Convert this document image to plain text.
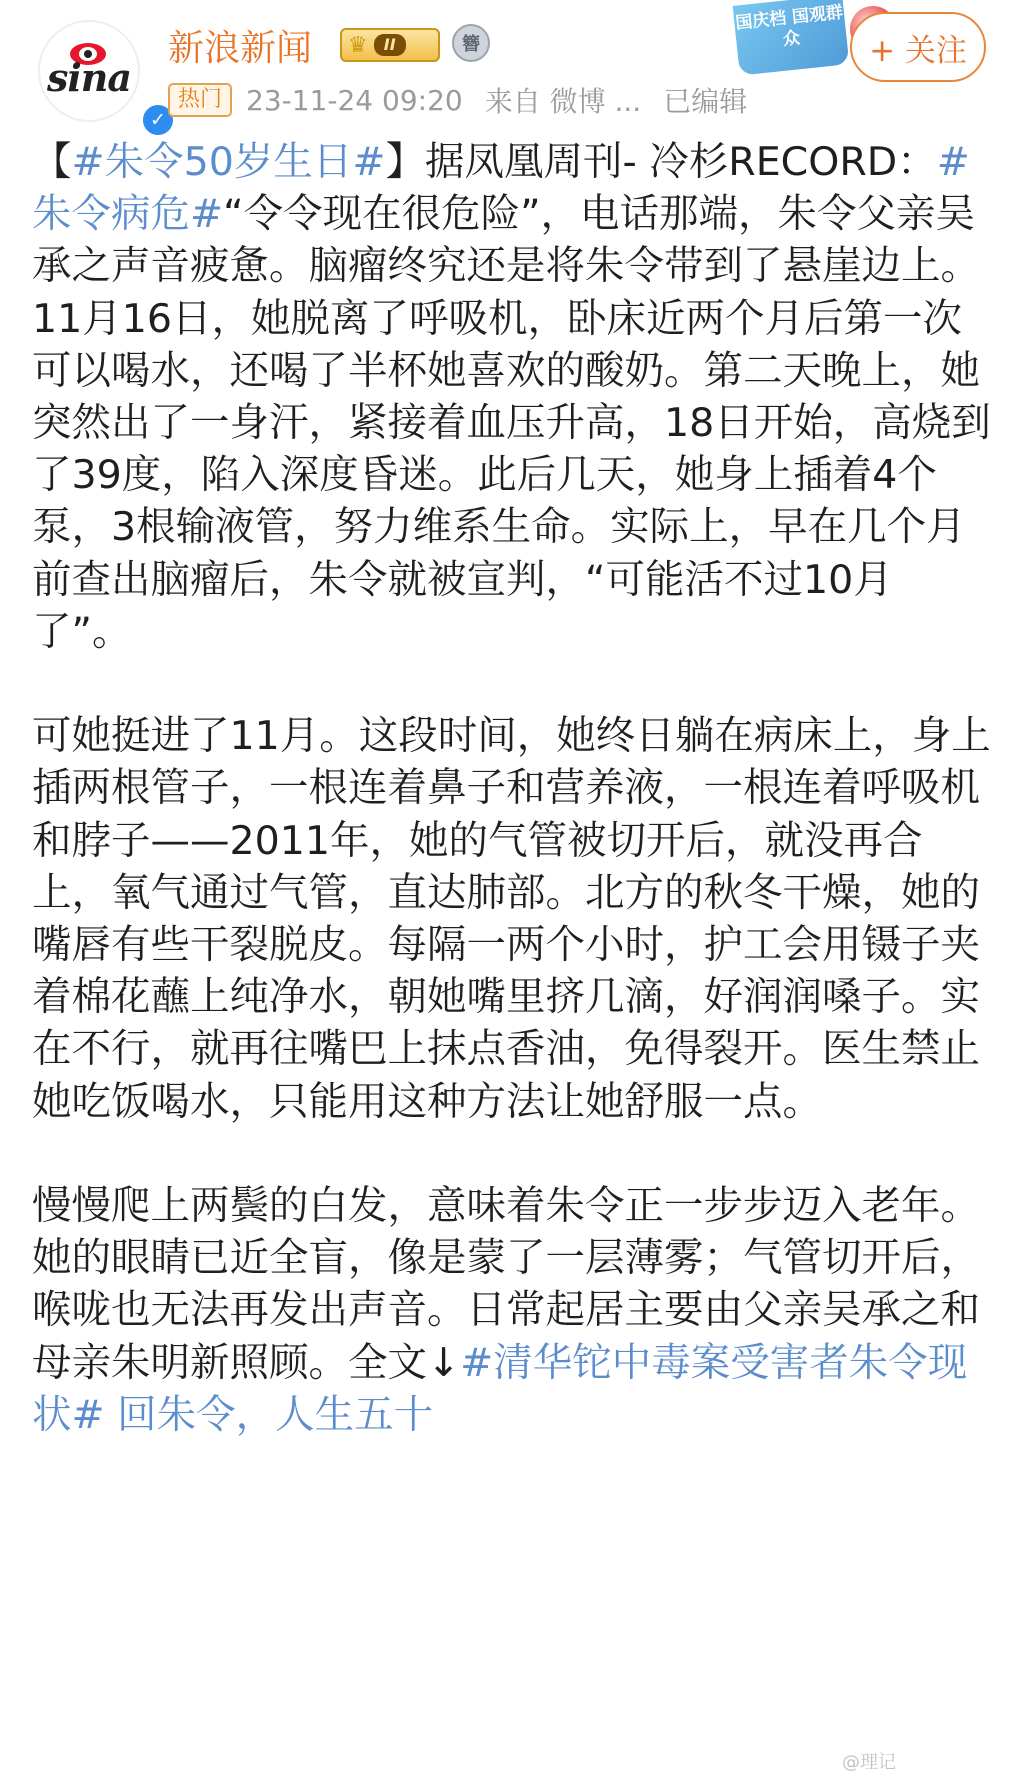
sina
✓
新浪新闻 ♛	II	簪
热门 23-11-24 09:20 来自 微博 ... 已编辑
国庆档 国观群众	+ 关注

【#朱令50岁生日#】据凤凰周刊- 冷杉RECORD：#朱令病危#“令令现在很危险”，电话那端，朱令父亲吴承之声音疲惫。脑瘤终究还是将朱令带到了悬崖边上。11月16日，她脱离了呼吸机，卧床近两个月后第一次可以喝水，还喝了半杯她喜欢的酸奶。第二天晚上，她突然出了一身汗，紧接着血压升高，18日开始，高烧到了39度，陷入深度昏迷。此后几天，她身上插着4个泵，3根输液管，努力维系生命。实际上，早在几个月前查出脑瘤后，朱令就被宣判，“可能活不过10月了”。

可她挺进了11月。这段时间，她终日躺在病床上，身上插两根管子，一根连着鼻子和营养液，一根连着呼吸机和脖子——2011年，她的气管被切开后，就没再合上，氧气通过气管，直达肺部。北方的秋冬干燥，她的嘴唇有些干裂脱皮。每隔一两个小时，护工会用镊子夹着棉花蘸上纯净水，朝她嘴里挤几滴，好润润嗓子。实在不行，就再往嘴巴上抹点香油，免得裂开。医生禁止她吃饭喝水，只能用这种方法让她舒服一点。

慢慢爬上两鬓的白发，意味着朱令正一步步迈入老年。她的眼睛已近全盲，像是蒙了一层薄雾；气管切开后，喉咙也无法再发出声音。日常起居主要由父亲吴承之和母亲朱明新照顾。全文↓#清华铊中毒案受害者朱令现状# 回朱令，人生五十

@理记
